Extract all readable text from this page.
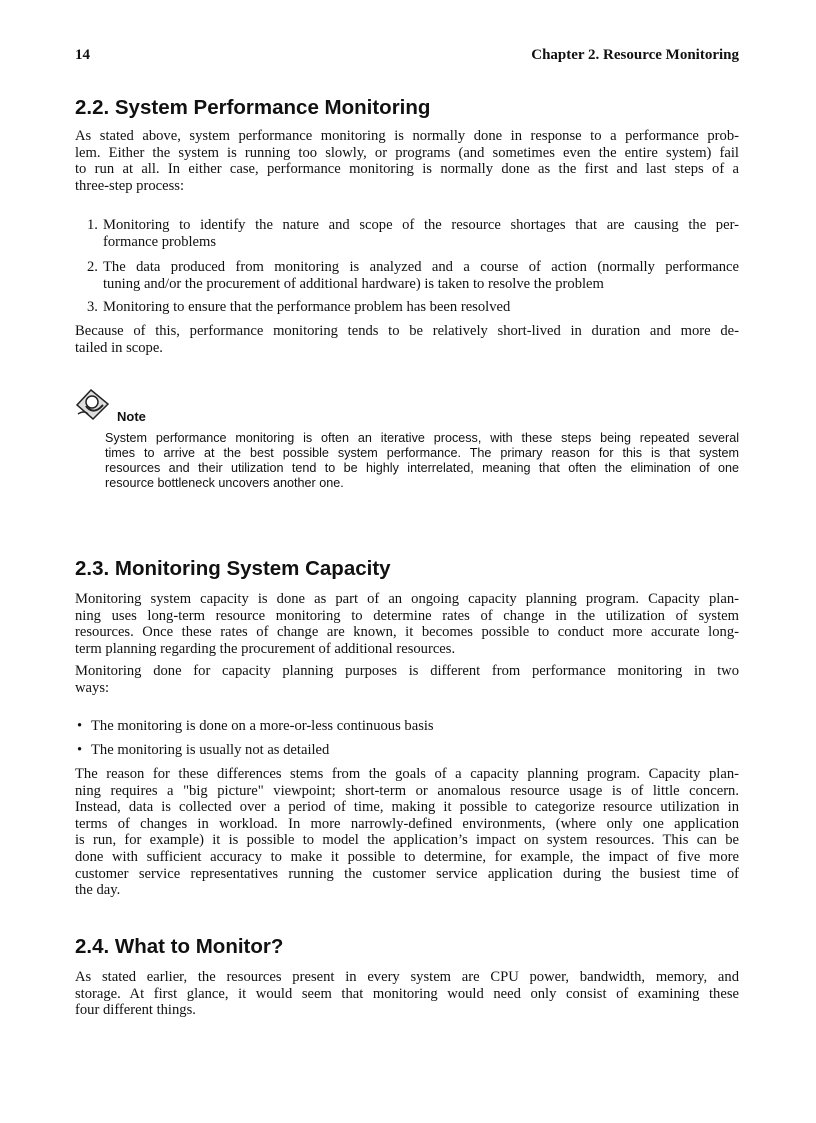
14	Chapter 2. Resource Monitoring
2.2. System Performance Monitoring
As stated above, system performance monitoring is normally done in response to a performance prob-
lem. Either the system is running too slowly, or programs (and sometimes even the entire system) fail
to run at all. In either case, performance monitoring is normally done as the first and last steps of a
three-step process:
1. Monitoring to identify the nature and scope of the resource shortages that are causing the per-
formance problems
2. The data produced from monitoring is analyzed and a course of action (normally performance
tuning and/or the procurement of additional hardware) is taken to resolve the problem
3. Monitoring to ensure that the performance problem has been resolved
Because of this, performance monitoring tends to be relatively short-lived in duration and more de-
tailed in scope.
Note
System performance monitoring is often an iterative process, with these steps being repeated several
times to arrive at the best possible system performance. The primary reason for this is that system
resources and their utilization tend to be highly interrelated, meaning that often the elimination of one
resource bottleneck uncovers another one.
2.3. Monitoring System Capacity
Monitoring system capacity is done as part of an ongoing capacity planning program. Capacity plan-
ning uses long-term resource monitoring to determine rates of change in the utilization of system
resources. Once these rates of change are known, it becomes possible to conduct more accurate long-
term planning regarding the procurement of additional resources.
Monitoring done for capacity planning purposes is different from performance monitoring in two
ways:
• The monitoring is done on a more-or-less continuous basis
• The monitoring is usually not as detailed
The reason for these differences stems from the goals of a capacity planning program. Capacity plan-
ning requires a "big picture" viewpoint; short-term or anomalous resource usage is of little concern.
Instead, data is collected over a period of time, making it possible to categorize resource utilization in
terms of changes in workload. In more narrowly-defined environments, (where only one application
is run, for example) it is possible to model the application’s impact on system resources. This can be
done with sufficient accuracy to make it possible to determine, for example, the impact of five more
customer service representatives running the customer service application during the busiest time of
the day.
2.4. What to Monitor?
As stated earlier, the resources present in every system are CPU power, bandwidth, memory, and
storage. At first glance, it would seem that monitoring would need only consist of examining these
four different things.
